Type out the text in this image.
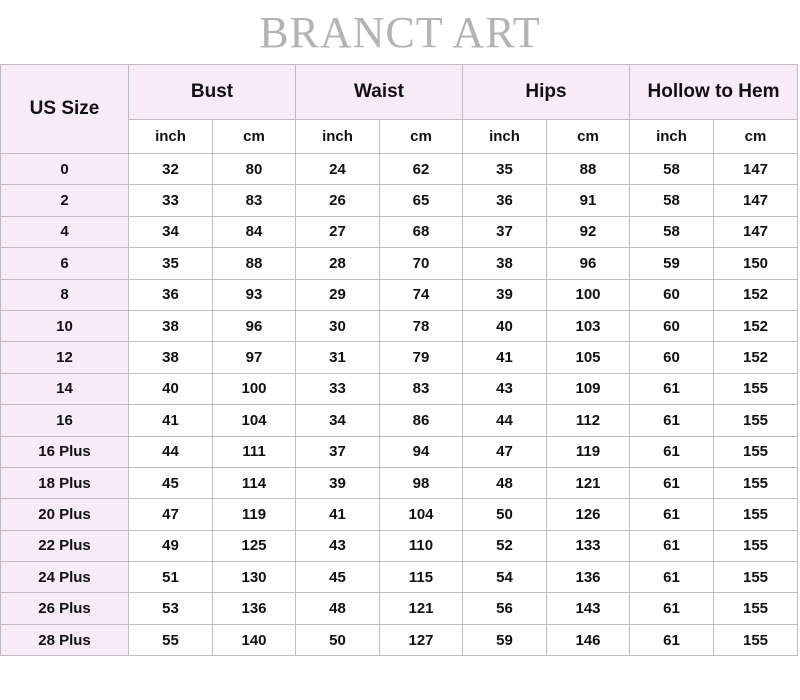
BRANCT ART
US Size	Bust		Waist		Hips		Hollow to Hem	
	inch	cm	inch	cm	inch	cm	inch	cm
0	32	80	24	62	35	88	58	147
2	33	83	26	65	36	91	58	147
4	34	84	27	68	37	92	58	147
6	35	88	28	70	38	96	59	150
8	36	93	29	74	39	100	60	152
10	38	96	30	78	40	103	60	152
12	38	97	31	79	41	105	60	152
14	40	100	33	83	43	109	61	155
16	41	104	34	86	44	112	61	155
16 Plus	44	111	37	94	47	119	61	155
18 Plus	45	114	39	98	48	121	61	155
20 Plus	47	119	41	104	50	126	61	155
22 Plus	49	125	43	110	52	133	61	155
24 Plus	51	130	45	115	54	136	61	155
26 Plus	53	136	48	121	56	143	61	155
28 Plus	55	140	50	127	59	146	61	155
